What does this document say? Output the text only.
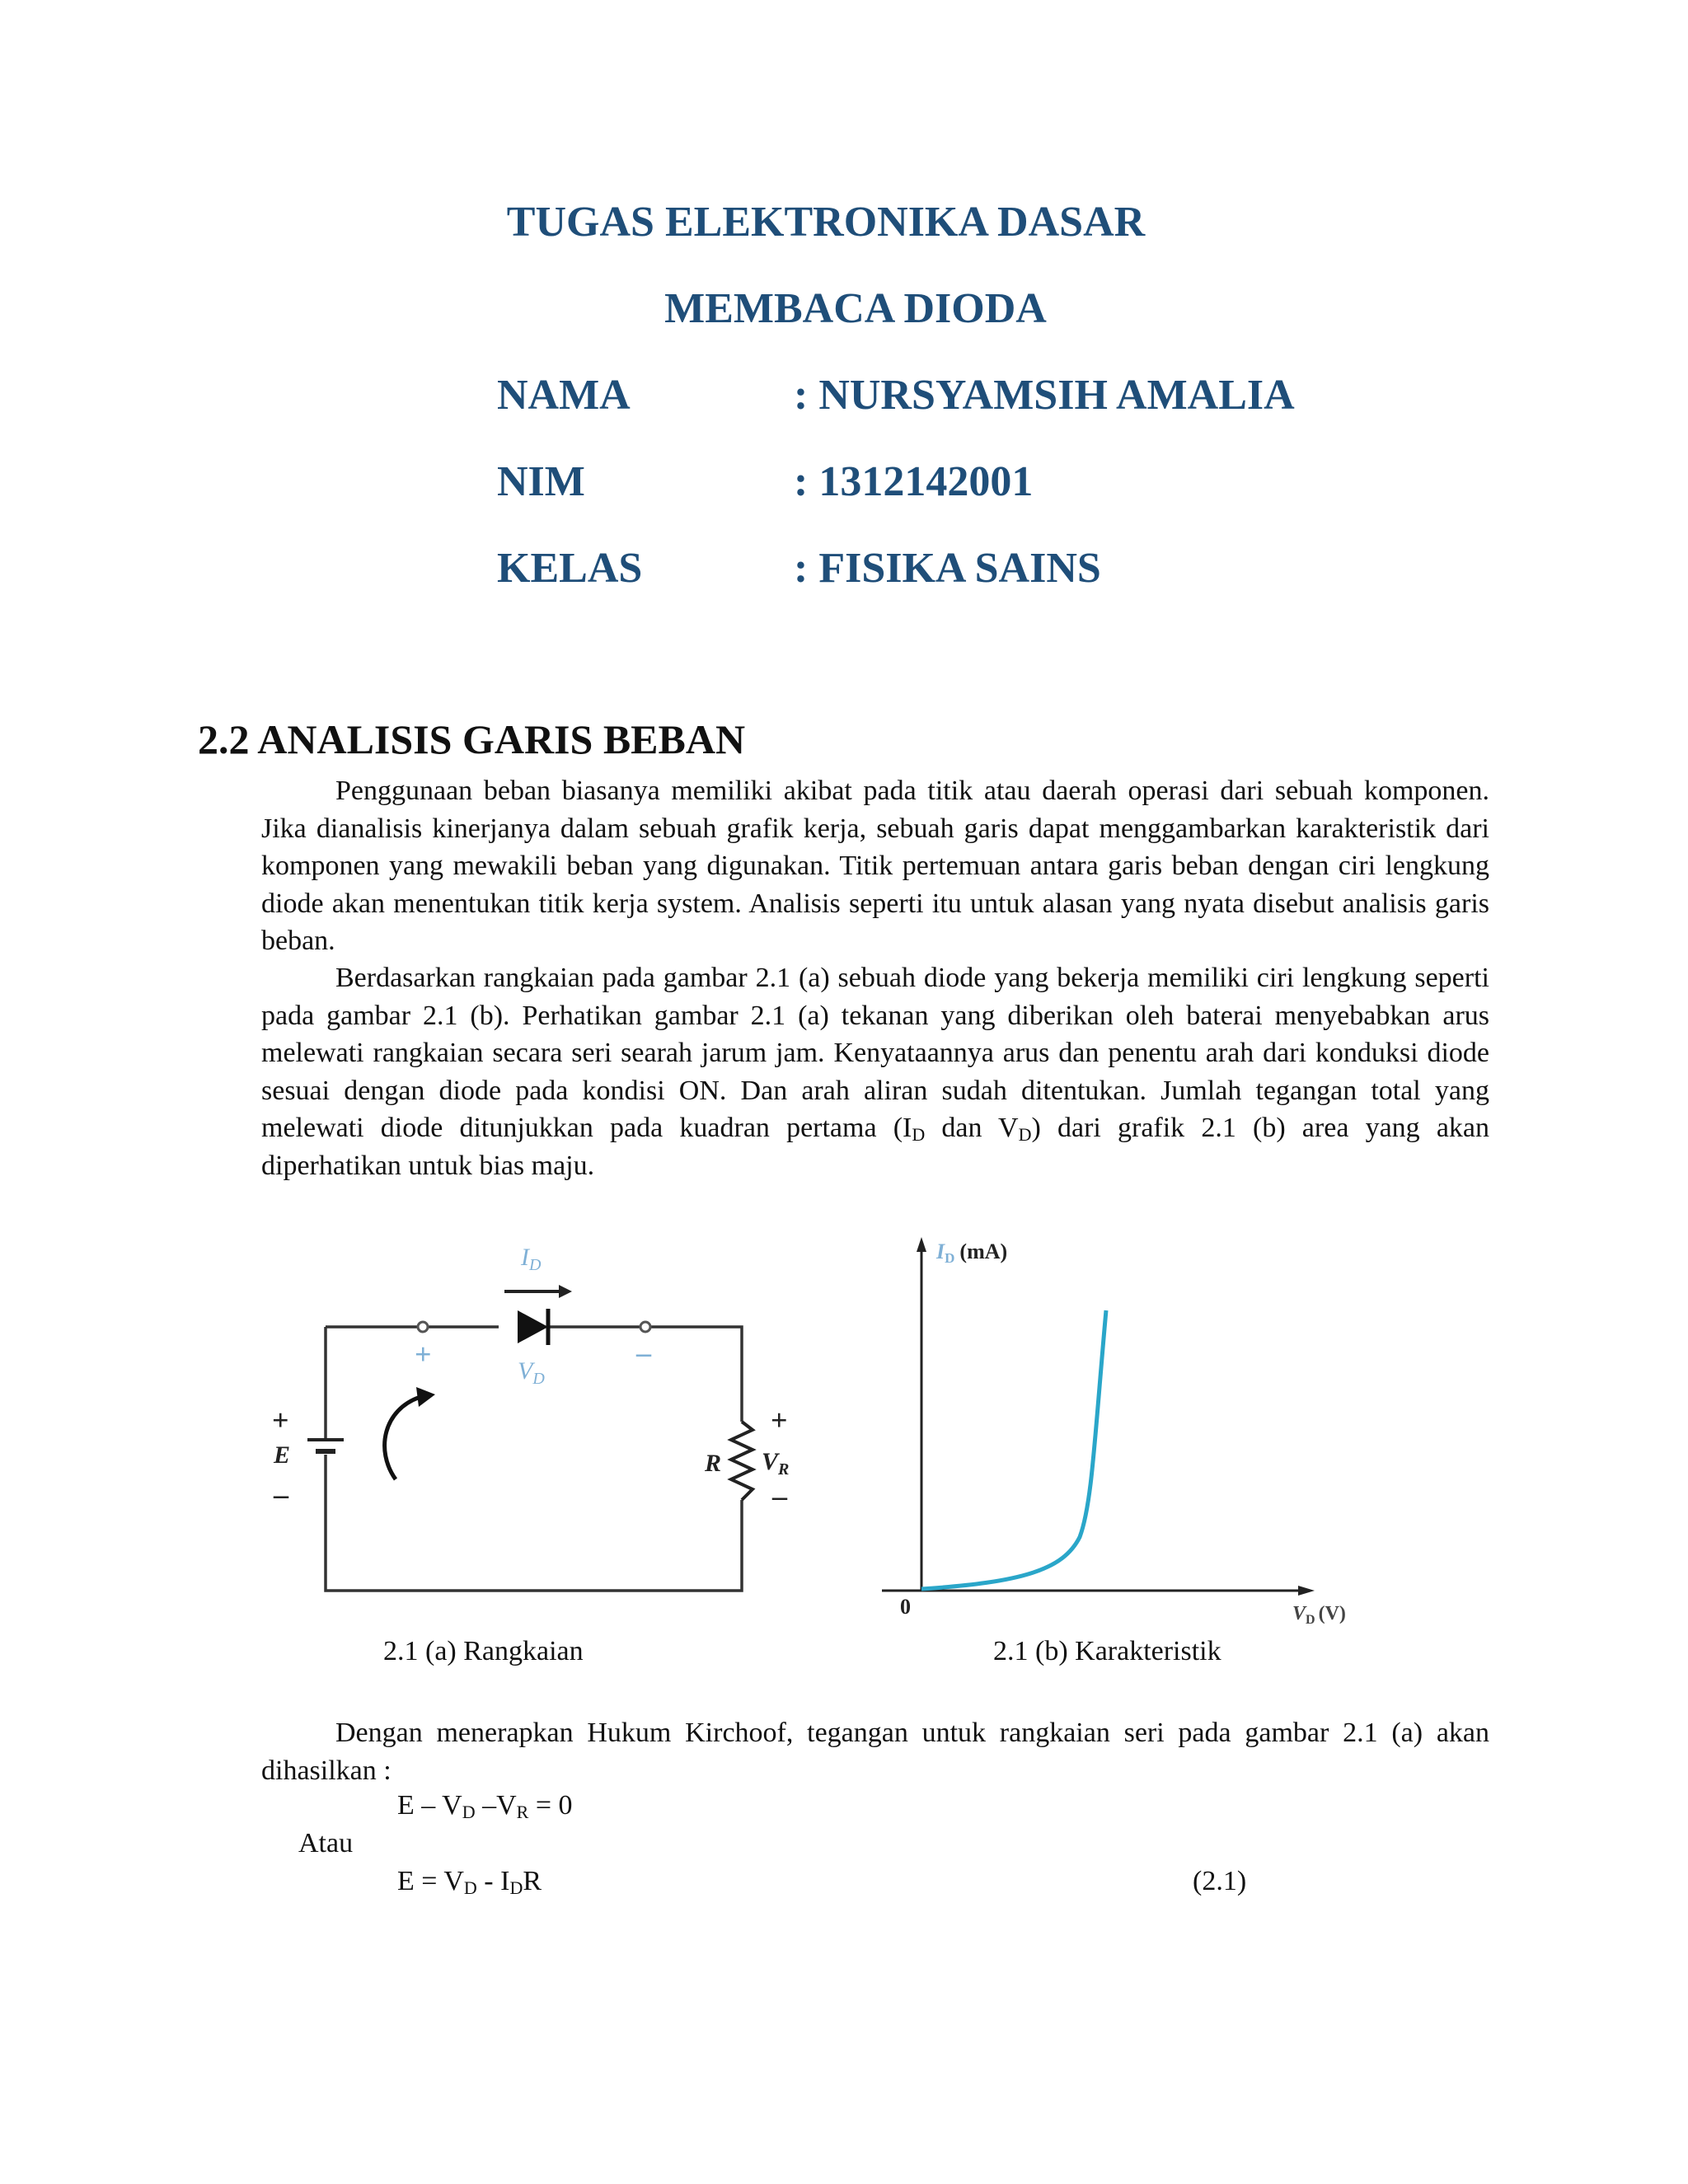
TUGAS ELEKTRONIKA DASAR
MEMBACA DIODA
NAMA	: NURSYAMSIH AMALIA
NIM	: 1312142001
KELAS	: FISIKA SAINS
2.2 ANALISIS GARIS BEBAN
Penggunaan beban biasanya memiliki akibat pada titik atau daerah operasi dari sebuah komponen. Jika dianalisis kinerjanya dalam sebuah grafik kerja, sebuah garis dapat menggambarkan karakteristik dari komponen yang mewakili beban yang digunakan. Titik pertemuan antara garis beban dengan ciri lengkung diode akan menentukan titik kerja system. Analisis seperti itu untuk alasan yang nyata disebut analisis garis beban.
Berdasarkan rangkaian pada gambar 2.1 (a) sebuah diode yang bekerja memiliki ciri lengkung seperti pada gambar 2.1 (b). Perhatikan gambar 2.1 (a) tekanan yang diberikan oleh baterai menyebabkan arus melewati rangkaian secara seri searah jarum jam. Kenyataannya arus dan penentu arah dari konduksi diode sesuai dengan diode pada kondisi ON. Dan arah aliran sudah ditentukan. Jumlah tegangan total yang melewati diode ditunjukkan pada kuadran pertama ($I_D$ dan $V_D$) dari grafik 2.1 (b) area yang akan diperhatikan untuk bias maju.
$I_D$
$V_D$
+	–
+
E
–
R $V_R$
+
–
2.1 (a) Rangkaian
ID (mA)
0	$V_D$ (V)
2.1 (b) Karakteristik
Dengan menerapkan Hukum Kirchoof, tegangan untuk rangkaian seri pada gambar 2.1 (a) akan dihasilkan :
E – $V_D$ $-V_R = 0$
Atau
$E = V_D - I_DR$	(2.1)
